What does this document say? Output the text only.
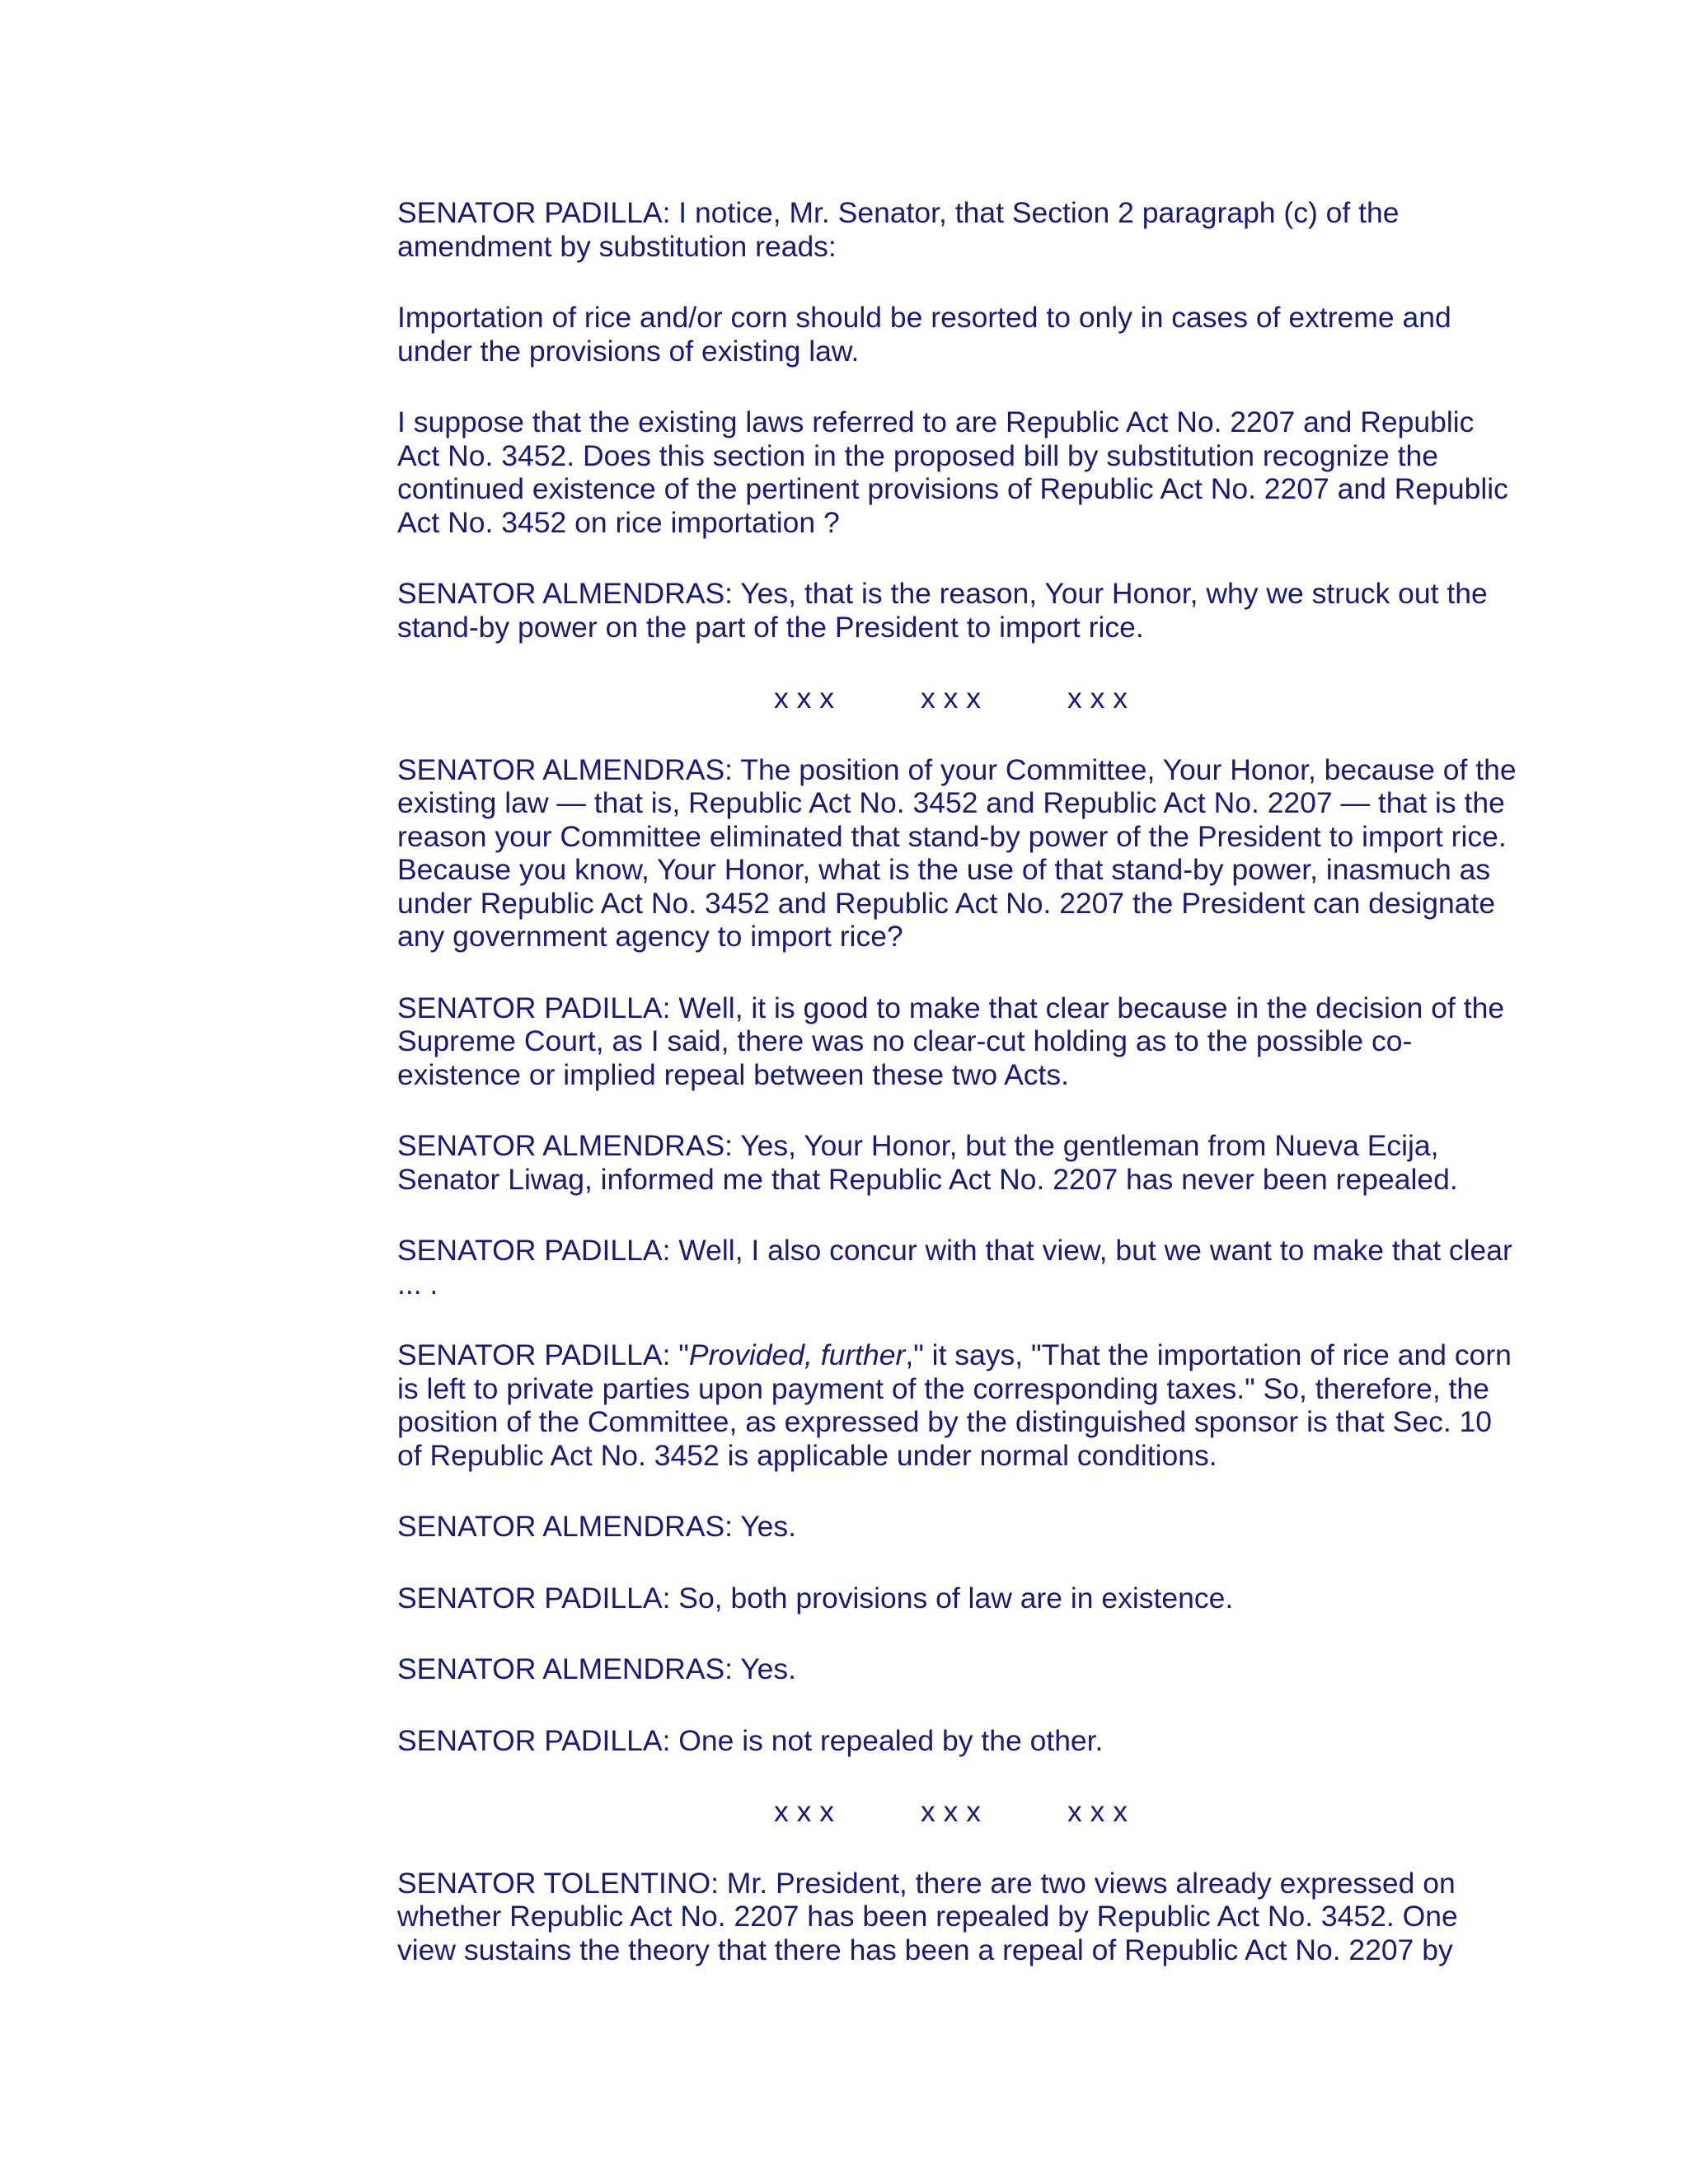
SENATOR PADILLA: I notice, Mr. Senator, that Section 2 paragraph (c) of the amendment by substitution reads:

Importation of rice and/or corn should be resorted to only in cases of extreme and under the provisions of existing law.

I suppose that the existing laws referred to are Republic Act No. 2207 and Republic Act No. 3452. Does this section in the proposed bill by substitution recognize the continued existence of the pertinent provisions of Republic Act No. 2207 and Republic Act No. 3452 on rice importation ?

SENATOR ALMENDRAS: Yes, that is the reason, Your Honor, why we struck out the stand-by power on the part of the President to import rice.

x x x	x x x	x x x

SENATOR ALMENDRAS: The position of your Committee, Your Honor, because of the existing law — that is, Republic Act No. 3452 and Republic Act No. 2207 — that is the reason your Committee eliminated that stand-by power of the President to import rice. Because you know, Your Honor, what is the use of that stand-by power, inasmuch as under Republic Act No. 3452 and Republic Act No. 2207 the President can designate any government agency to import rice?

SENATOR PADILLA: Well, it is good to make that clear because in the decision of the Supreme Court, as I said, there was no clear-cut holding as to the possible co-existence or implied repeal between these two Acts.

SENATOR ALMENDRAS: Yes, Your Honor, but the gentleman from Nueva Ecija, Senator Liwag, informed me that Republic Act No. 2207 has never been repealed.

SENATOR PADILLA: Well, I also concur with that view, but we want to make that clear ... .

SENATOR PADILLA: "Provided, further," it says, "That the importation of rice and corn is left to private parties upon payment of the corresponding taxes." So, therefore, the position of the Committee, as expressed by the distinguished sponsor is that Sec. 10 of Republic Act No. 3452 is applicable under normal conditions.

SENATOR ALMENDRAS: Yes.

SENATOR PADILLA: So, both provisions of law are in existence.

SENATOR ALMENDRAS: Yes.

SENATOR PADILLA: One is not repealed by the other.

x x x	x x x	x x x

SENATOR TOLENTINO: Mr. President, there are two views already expressed on whether Republic Act No. 2207 has been repealed by Republic Act No. 3452. One view sustains the theory that there has been a repeal of Republic Act No. 2207 by
